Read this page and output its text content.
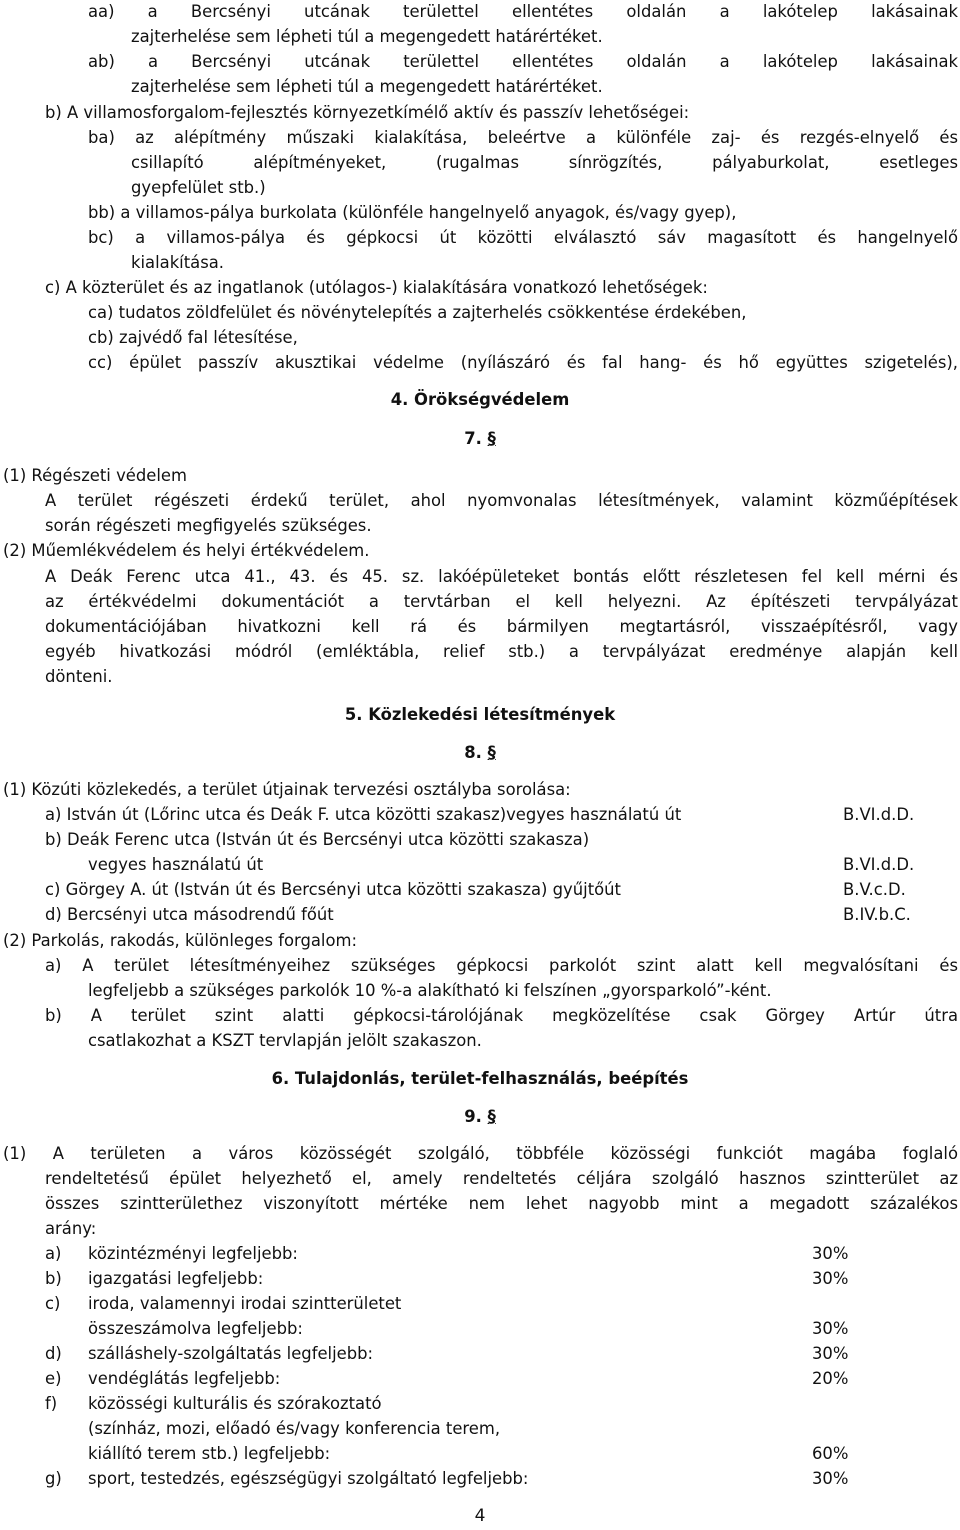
aa) a Bercsényi utcának területtel ellentétes oldalán a lakótelep lakásainak
zajterhelése sem lépheti túl a megengedett határértéket.
ab) a Bercsényi utcának területtel ellentétes oldalán a lakótelep lakásainak
zajterhelése sem lépheti túl a megengedett határértéket.
b) A villamosforgalom-fejlesztés környezetkímélő aktív és passzív lehetőségei:
ba) az alépítmény műszaki kialakítása, beleértve a különféle zaj- és rezgés-elnyelő és
csillapító alépítményeket, (rugalmas sínrögzítés, pályaburkolat, esetleges
gyepfelület stb.)
bb) a villamos-pálya burkolata (különféle hangelnyelő anyagok, és/vagy gyep),
bc) a villamos-pálya és gépkocsi út közötti elválasztó sáv magasított és hangelnyelő
kialakítása.
c) A közterület és az ingatlanok (utólagos-) kialakítására vonatkozó lehetőségek:
ca) tudatos zöldfelület és növénytelepítés a zajterhelés csökkentése érdekében,
cb) zajvédő fal létesítése,
cc) épület passzív akusztikai védelme (nyílászáró és fal hang- és hő együttes szigetelés),
4. Örökségvédelem
7. §
(1) Régészeti védelem
A terület régészeti érdekű terület, ahol nyomvonalas létesítmények, valamint közműépítések
során régészeti megfigyelés szükséges.
(2) Műemlékvédelem és helyi értékvédelem.
A Deák Ferenc utca 41., 43. és 45. sz. lakóépületeket bontás előtt részletesen fel kell mérni és
az értékvédelmi dokumentációt a tervtárban el kell helyezni. Az építészeti tervpályázat
dokumentációjában hivatkozni kell rá és bármilyen megtartásról, visszaépítésről, vagy
egyéb hivatkozási módról (emléktábla, relief stb.) a tervpályázat eredménye alapján kell
dönteni.
5. Közlekedési létesítmények
8. §
(1) Közúti közlekedés, a terület útjainak tervezési osztályba sorolása:
a) István út (Lőrinc utca és Deák F. utca közötti szakasz)vegyes használatú út	B.VI.d.D.
b) Deák Ferenc utca (István út és Bercsényi utca közötti szakasza)
vegyes használatú út	B.VI.d.D.
c) Görgey A. út (István út és Bercsényi utca közötti szakasza) gyűjtőút	B.V.c.D.
d) Bercsényi utca másodrendű főút	B.IV.b.C.
(2) Parkolás, rakodás, különleges forgalom:
a) A terület létesítményeihez szükséges gépkocsi parkolót szint alatt kell megvalósítani és
legfeljebb a szükséges parkolók 10 %-a alakítható ki felszínen „gyorsparkoló”-ként.
b) A terület szint alatti gépkocsi-tárolójának megközelítése csak Görgey Artúr útra
csatlakozhat a KSZT tervlapján jelölt szakaszon.
6. Tulajdonlás, terület-felhasználás, beépítés
9. §
(1) A területen a város közösségét szolgáló, többféle közösségi funkciót magába foglaló
rendeltetésű épület helyezhető el, amely rendeltetés céljára szolgáló hasznos szintterület az
összes szintterülethez viszonyított mértéke nem lehet nagyobb mint a megadott százalékos
arány:
a) közintézményi legfeljebb:	30%
b) igazgatási legfeljebb:	30%
c) iroda, valamennyi irodai szintterületet
összeszámolva legfeljebb:	30%
d) szálláshely-szolgáltatás legfeljebb:	30%
e) vendéglátás legfeljebb:	20%
f) közösségi kulturális és szórakoztató
(színház, mozi, előadó és/vagy konferencia terem,
kiállító terem stb.) legfeljebb:	60%
g) sport, testedzés, egészségügyi szolgáltató legfeljebb:	30%
4
